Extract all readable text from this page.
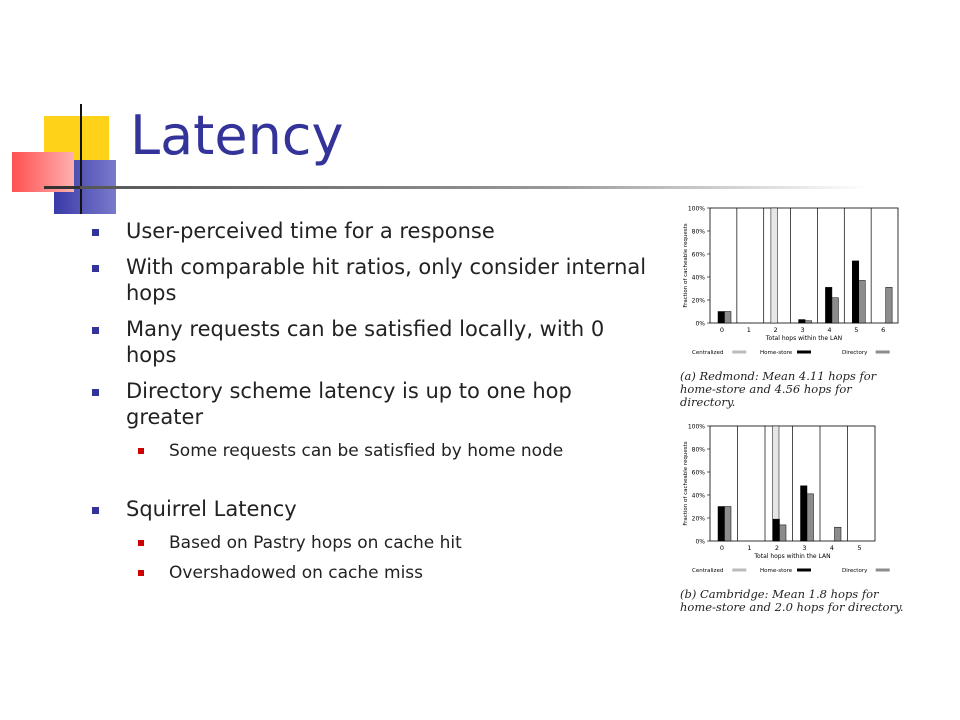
Latency
User-perceived time for a response
With comparable hit ratios, only consider internal hops
Many requests can be satisfied locally, with 0 hops
Directory scheme latency is up to one hop greater
Some requests can be satisfied by home node
Squirrel Latency
Based on Pastry hops on cache hit
Overshadowed on cache miss
0%
20%
40%
60%
80%
100%
0	1	2	3	4	5	6
Total hops within the LAN
Fraction of cacheable requests
Centralized	Home-store	Directory

(a) Redmond: Mean 4.11 hops for home-store and 4.56 hops for directory.

0%
20%
40%
60%
80%
100%
0	1	2	3	4	5
Total hops within the LAN
Fraction of cacheable requests
Centralized	Home-store	Directory

(b) Cambridge: Mean 1.8 hops for home-store and 2.0 hops for directory.
